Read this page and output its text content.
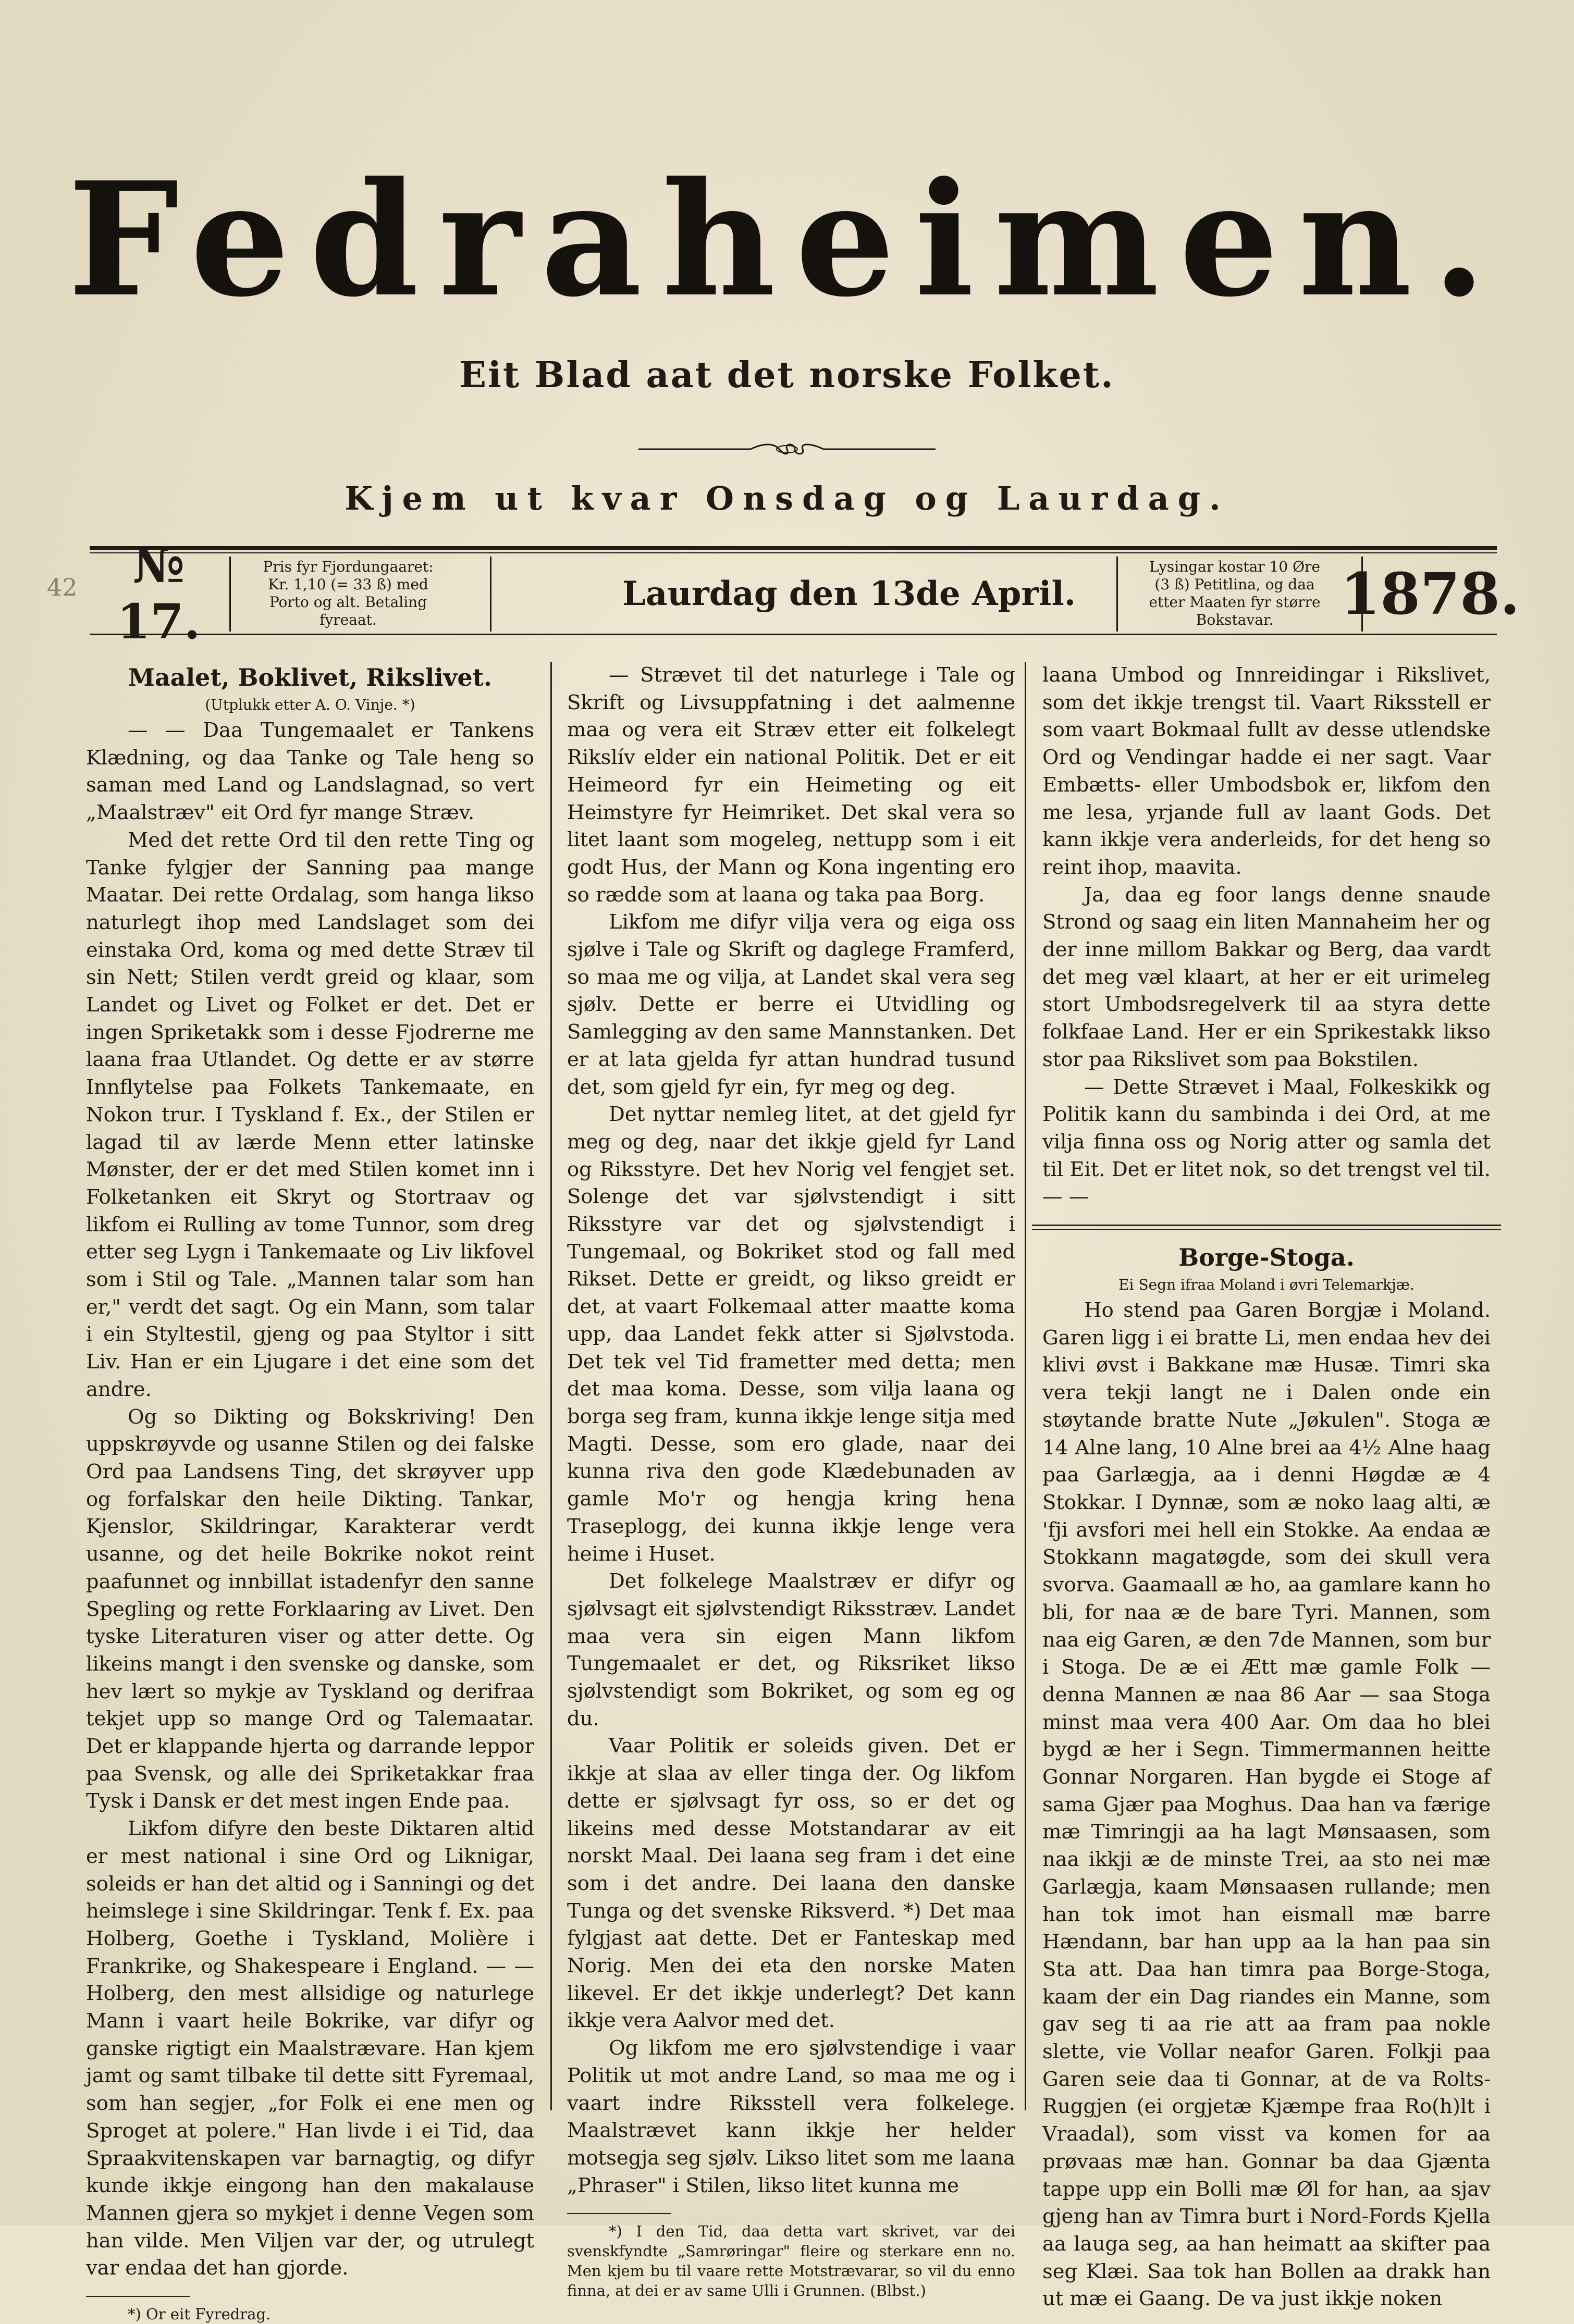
42
Fedraheimen.
Eit Blad aat det norske Folket.
Kjem ut kvar Onsdag og Laurdag.
№ 17.
Pris fyr Fjordungaaret:
Kr. 1,10 (= 33 ß) med
Porto og alt. Betaling
fyreaat.
Laurdag den 13de April.
Lysingar kostar 10 Øre
(3 ß) Petitlina, og daa
etter Maaten fyr større
Bokstavar.	1878.
Maalet, Boklivet, Rikslivet.

(Utplukk etter A. O. Vinje. *)

— — Daa Tungemaalet er Tankens Klædning, og daa Tanke og Tale heng so saman med Land og Landslagnad, so vert „Maalstræv" eit Ord fyr mange Stræv.

Med det rette Ord til den rette Ting og Tanke fylgjer der Sanning paa mange Maatar. Dei rette Ordalag, som hanga likso naturlegt ihop med Landslaget som dei einstaka Ord, koma og med dette Stræv til sin Nett; Stilen verdt greid og klaar, som Landet og Livet og Folket er det. Det er ingen Spriketakk som i desse Fjodrerne me laana fraa Utlandet. Og dette er av større Innflytelse paa Folkets Tankemaate, en Nokon trur. I Tyskland f. Ex., der Stilen er lagad til av lærde Menn etter latinske Mønster, der er det med Stilen komet inn i Folketanken eit Skryt og Stortraav og likfom ei Rulling av tome Tunnor, som dreg etter seg Lygn i Tankemaate og Liv likfovel som i Stil og Tale. „Mannen talar som han er," verdt det sagt. Og ein Mann, som talar i ein Styltestil, gjeng og paa Styltor i sitt Liv. Han er ein Ljugare i det eine som det andre.

Og so Dikting og Bokskriving! Den uppskrøyvde og usanne Stilen og dei falske Ord paa Landsens Ting, det skrøyver upp og forfalskar den heile Dikting. Tankar, Kjenslor, Skildringar, Karakterar verdt usanne, og det heile Bokrike nokot reint paafunnet og innbillat istadenfyr den sanne Spegling og rette Forklaaring av Livet. Den tyske Literaturen viser og atter dette. Og likeins mangt i den svenske og danske, som hev lært so mykje av Tyskland og derifraa tekjet upp so mange Ord og Talemaatar. Det er klappande hjerta og darrande leppor paa Svensk, og alle dei Spriketakkar fraa Tysk i Dansk er det mest ingen Ende paa.

Likfom difyre den beste Diktaren altid er mest national i sine Ord og Liknigar, soleids er han det altid og i Sanningi og det heimslege i sine Skildringar. Tenk f. Ex. paa Holberg, Goethe i Tyskland, Molière i Frankrike, og Shakespeare i England. — — Holberg, den mest allsidige og naturlege Mann i vaart heile Bokrike, var difyr og ganske rigtigt ein Maalstrævare. Han kjem jamt og samt tilbake til dette sitt Fyremaal, som han segjer, „for Folk ei ene men og Sproget at polere." Han livde i ei Tid, daa Spraakvitenskapen var barnagtig, og difyr kunde ikkje eingong han den makalause Mannen gjera so mykjet i denne Vegen som han vilde. Men Viljen var der, og utrulegt var endaa det han gjorde.

*) Or eit Fyredrag.

— Strævet til det naturlege i Tale og Skrift og Livsuppfatning i det aalmenne maa og vera eit Stræv etter eit folkelegt Rikslív elder ein national Politik. Det er eit Heimeord fyr ein Heimeting og eit Heimstyre fyr Heimriket. Det skal vera so litet laant som mogeleg, nettupp som i eit godt Hus, der Mann og Kona ingenting ero so rædde som at laana og taka paa Borg.

Likfom me difyr vilja vera og eiga oss sjølve i Tale og Skrift og daglege Framferd, so maa me og vilja, at Landet skal vera seg sjølv. Dette er berre ei Utvidling og Samlegging av den same Mannstanken. Det er at lata gjelda fyr attan hundrad tusund det, som gjeld fyr ein, fyr meg og deg.

Det nyttar nemleg litet, at det gjeld fyr meg og deg, naar det ikkje gjeld fyr Land og Riksstyre. Det hev Norig vel fengjet set. Solenge det var sjølvstendigt i sitt Riksstyre var det og sjølvstendigt i Tungemaal, og Bokriket stod og fall med Rikset. Dette er greidt, og likso greidt er det, at vaart Folkemaal atter maatte koma upp, daa Landet fekk atter si Sjølvstoda. Det tek vel Tid frametter med detta; men det maa koma. Desse, som vilja laana og borga seg fram, kunna ikkje lenge sitja med Magti. Desse, som ero glade, naar dei kunna riva den gode Klædebunaden av gamle Mo'r og hengja kring hena Traseplogg, dei kunna ikkje lenge vera heime i Huset.

Det folkelege Maalstræv er difyr og sjølvsagt eit sjølvstendigt Riksstræv. Landet maa vera sin eigen Mann likfom Tungemaalet er det, og Riksriket likso sjølvstendigt som Bokriket, og som eg og du.

Vaar Politik er soleids given. Det er ikkje at slaa av eller tinga der. Og likfom dette er sjølvsagt fyr oss, so er det og likeins med desse Motstandarar av eit norskt Maal. Dei laana seg fram i det eine som i det andre. Dei laana den danske Tunga og det svenske Riksverd. *) Det maa fylgjast aat dette. Det er Fanteskap med Norig. Men dei eta den norske Maten likevel. Er det ikkje underlegt? Det kann ikkje vera Aalvor med det.

Og likfom me ero sjølvstendige i vaar Politik ut mot andre Land, so maa me og i vaart indre Riksstell vera folkelege. Maalstrævet kann ikkje her helder motsegja seg sjølv. Likso litet som me laana „Phraser" i Stilen, likso litet kunna me

*) I den Tid, daa detta vart skrivet, var dei svenskfyndte „Samrøringar" fleire og sterkare enn no. Men kjem bu til vaare rette Motstrævarar, so vil du enno finna, at dei er av same Ulli i Grunnen. (Blbst.)

laana Umbod og Innreidingar i Rikslivet, som det ikkje trengst til. Vaart Riksstell er som vaart Bokmaal fullt av desse utlendske Ord og Vendingar hadde ei ner sagt. Vaar Embætts- eller Umbodsbok er, likfom den me lesa, yrjande full av laant Gods. Det kann ikkje vera anderleids, for det heng so reint ihop, maavita.

Ja, daa eg foor langs denne snaude Strond og saag ein liten Mannaheim her og der inne millom Bakkar og Berg, daa vardt det meg væl klaart, at her er eit urimeleg stort Umbodsregelverk til aa styra dette folkfaae Land. Her er ein Sprikestakk likso stor paa Rikslivet som paa Bokstilen.

— Dette Strævet i Maal, Folkeskikk og Politik kann du sambinda i dei Ord, at me vilja finna oss og Norig atter og samla det til Eit. Det er litet nok, so det trengst vel til. — —

Borge-Stoga.

Ei Segn ifraa Moland i øvri Telemarkjæ.

Ho stend paa Garen Borgjæ i Moland. Garen ligg i ei bratte Li, men endaa hev dei klivi øvst i Bakkane mæ Husæ. Timri ska vera tekji langt ne i Dalen onde ein støytande bratte Nute „Jøkulen". Stoga æ 14 Alne lang, 10 Alne brei aa 4½ Alne haag paa Garlægja, aa i denni Høgdæ æ 4 Stokkar. I Dynnæ, som æ noko laag alti, æ 'fji avsfori mei hell ein Stokke. Aa endaa æ Stokkann magatøgde, som dei skull vera svorva. Gaamaall æ ho, aa gamlare kann ho bli, for naa æ de bare Tyri. Mannen, som naa eig Garen, æ den 7de Mannen, som bur i Stoga. De æ ei Ætt mæ gamle Folk — denna Mannen æ naa 86 Aar — saa Stoga minst maa vera 400 Aar. Om daa ho blei bygd æ her i Segn. Timmermannen heitte Gonnar Norgaren. Han bygde ei Stoge af sama Gjær paa Moghus. Daa han va færige mæ Timringji aa ha lagt Mønsaasen, som naa ikkji æ de minste Trei, aa sto nei mæ Garlægja, kaam Mønsaasen rullande; men han tok imot han eismall mæ barre Hændann, bar han upp aa la han paa sin Sta att. Daa han timra paa Borge-Stoga, kaam der ein Dag riandes ein Manne, som gav seg ti aa rie att aa fram paa nokle slette, vie Vollar neafor Garen. Folkji paa Garen seie daa ti Gonnar, at de va Rolts-Ruggjen (ei orgjetæ Kjæmpe fraa Ro(h)lt i Vraadal), som visst va komen for aa prøvaas mæ han. Gonnar ba daa Gjænta tappe upp ein Bolli mæ Øl for han, aa sjav gjeng han av Timra burt i Nord-Fords Kjella aa lauga seg, aa han heimatt aa skifter paa seg Klæi. Saa tok han Bollen aa drakk han ut mæ ei Gaang. De va just ikkje noken
